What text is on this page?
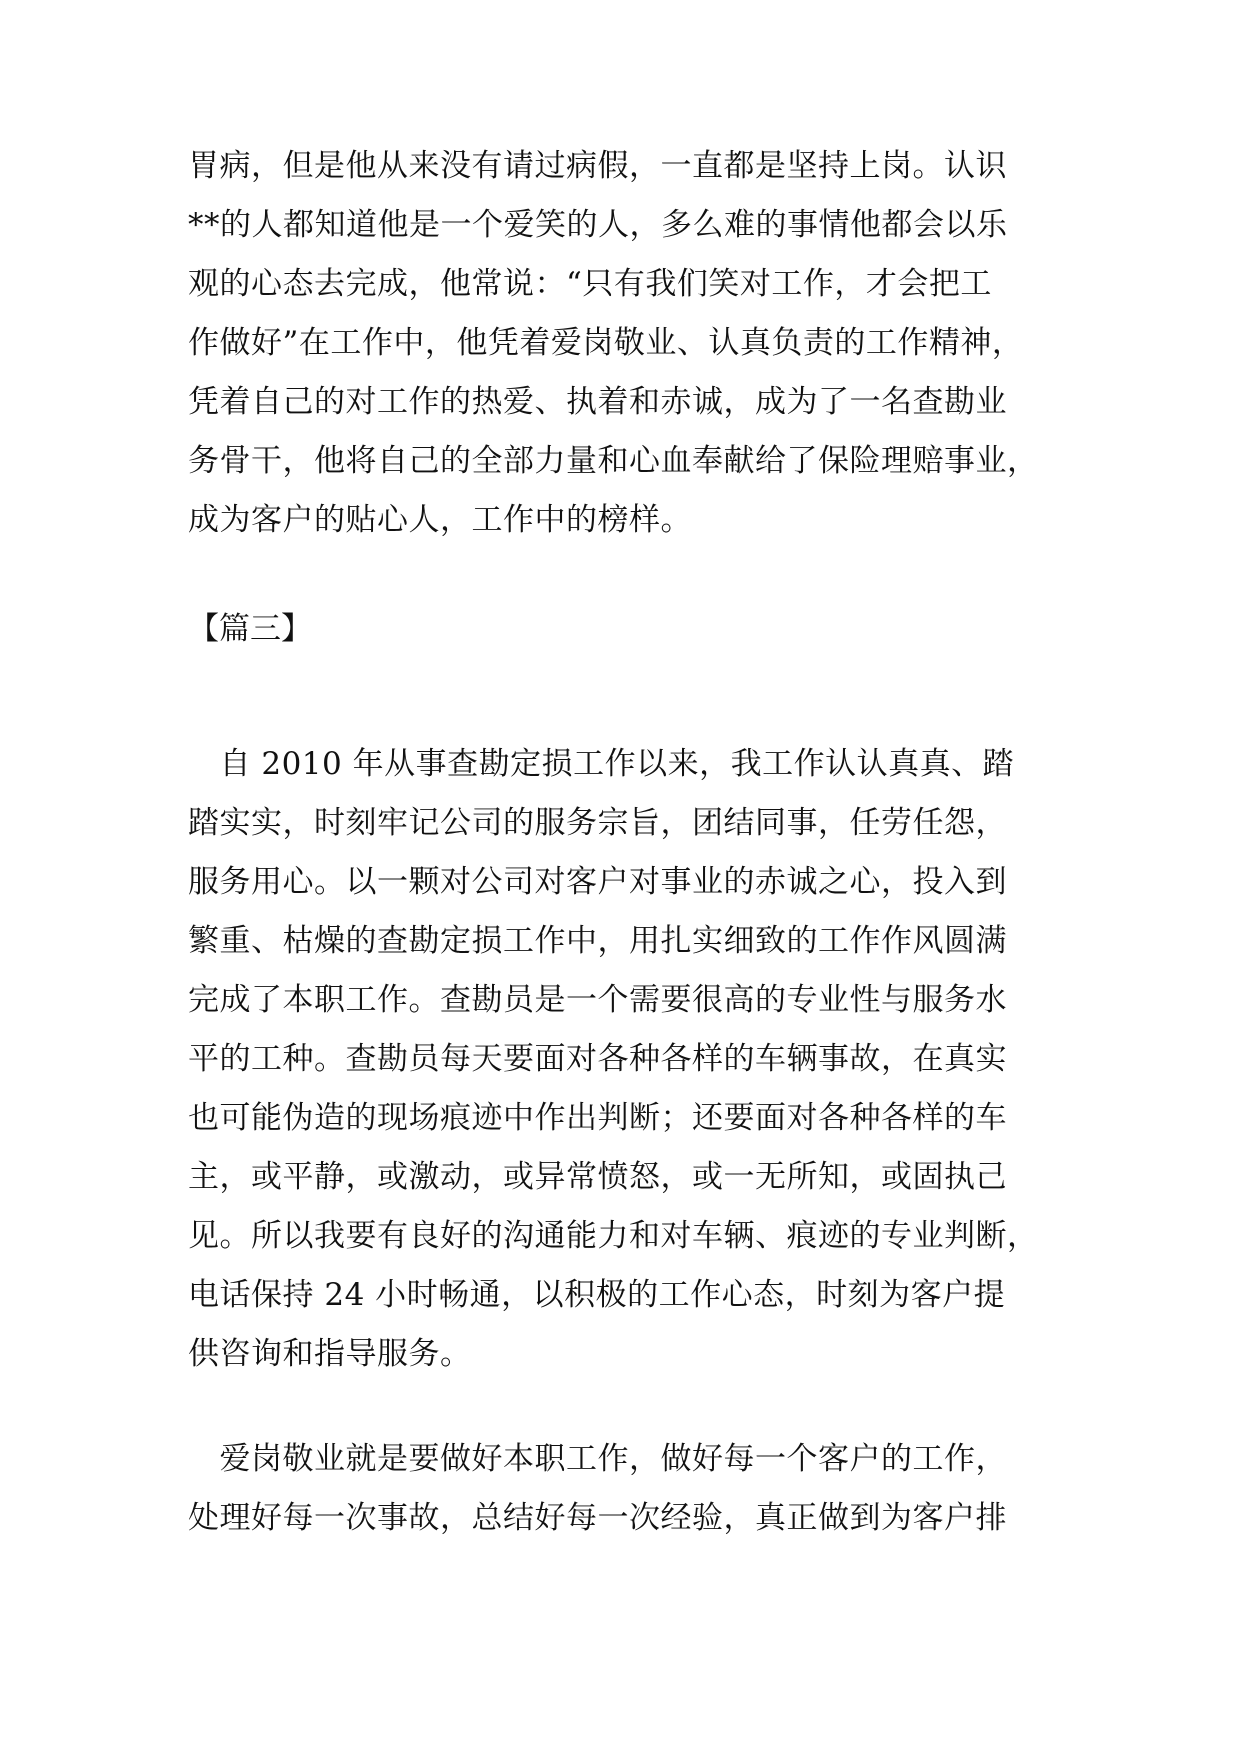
胃病，但是他从来没有请过病假，一直都是坚持上岗。认识
**的人都知道他是一个爱笑的人，多么难的事情他都会以乐
观的心态去完成，他常说：“只有我们笑对工作，才会把工
作做好”在工作中，他凭着爱岗敬业、认真负责的工作精神，
凭着自己的对工作的热爱、执着和赤诚，成为了一名查勘业
务骨干，他将自己的全部力量和心血奉献给了保险理赔事业，
成为客户的贴心人，工作中的榜样。
【篇三】
　自 2010 年从事查勘定损工作以来，我工作认认真真、踏
踏实实，时刻牢记公司的服务宗旨，团结同事，任劳任怨，
服务用心。以一颗对公司对客户对事业的赤诚之心，投入到
繁重、枯燥的查勘定损工作中，用扎实细致的工作作风圆满
完成了本职工作。查勘员是一个需要很高的专业性与服务水
平的工种。查勘员每天要面对各种各样的车辆事故，在真实
也可能伪造的现场痕迹中作出判断；还要面对各种各样的车
主，或平静，或激动，或异常愤怒，或一无所知，或固执己
见。所以我要有良好的沟通能力和对车辆、痕迹的专业判断，
电话保持 24 小时畅通，以积极的工作心态，时刻为客户提
供咨询和指导服务。
　爱岗敬业就是要做好本职工作，做好每一个客户的工作，
处理好每一次事故，总结好每一次经验，真正做到为客户排
